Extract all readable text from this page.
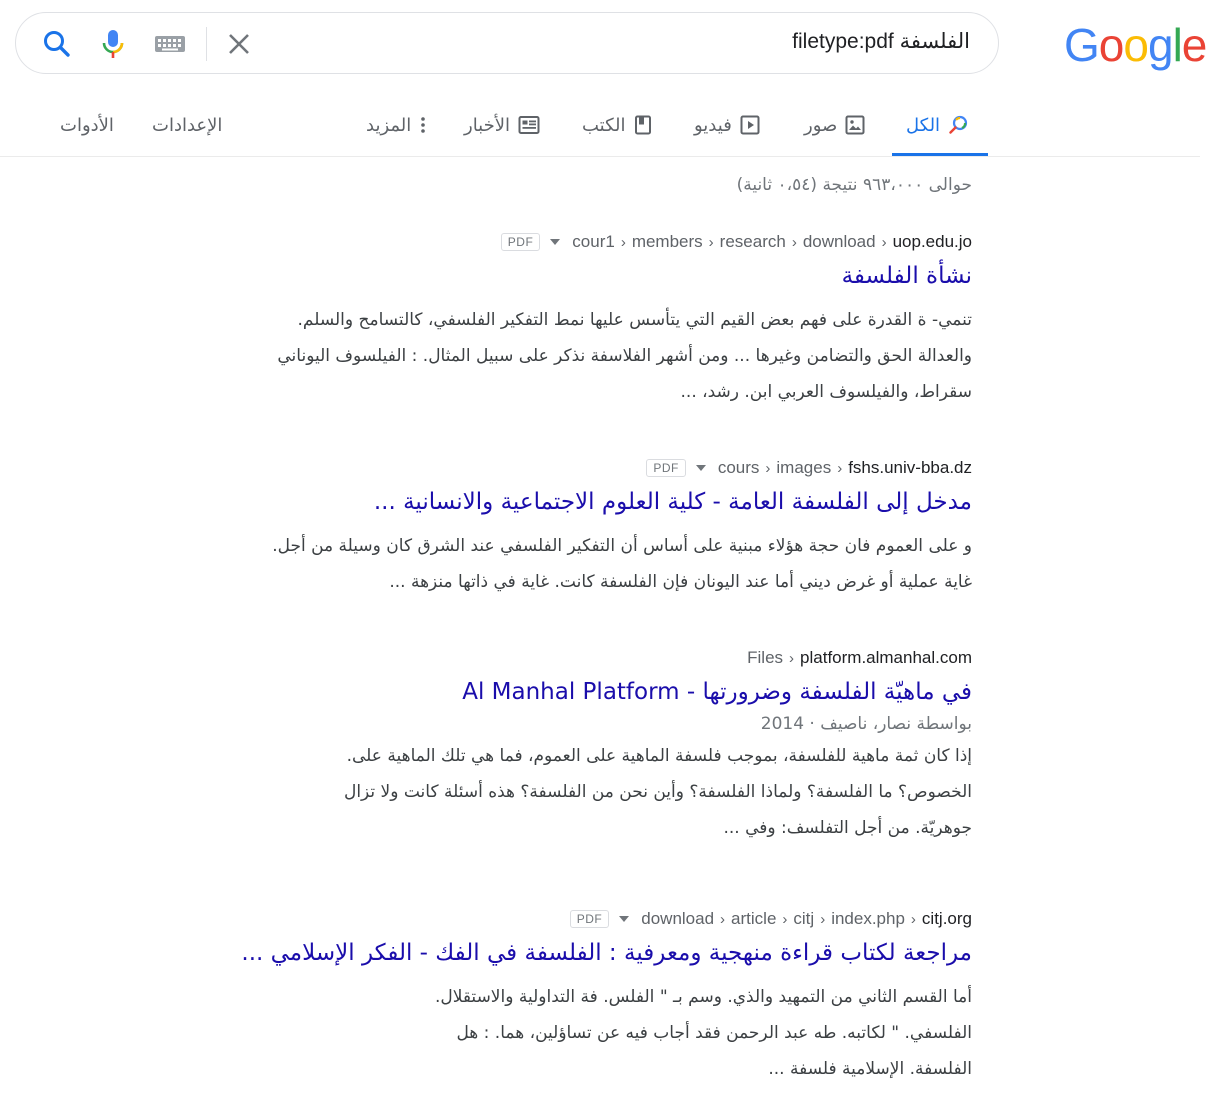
Google
filetype:pdf الفلسفة
الكل
صور
فيديو
الكتب
الأخبار
المزيد
الإعدادات
الأدوات
حوالى ٩٦٣،٠٠٠ نتيجة (٠،٥٤ ثانية)
PDF	cour1 › members › research › download › uop.edu.jo
نشأة الفلسفة
تنمي- ة القدرة على فهم بعض القيم التي يتأسس عليها نمط التفكير الفلسفي، كالتسامح والسلم.
والعدالة الحق والتضامن وغيرها ... ومن أشهر الفلاسفة نذكر على سبيل المثال. : الفيلسوف اليوناني
سقراط، والفيلسوف العربي ابن. رشد، ...
PDF	cours › images › fshs.univ-bba.dz
مدخل إلى الفلسفة العامة - كلية العلوم الاجتماعية والانسانية ...
و على العموم فان حجة هؤلاء مبنية على أساس أن التفكير الفلسفي عند الشرق كان وسيلة من أجل.
غاية عملية أو غرض ديني أما عند اليونان فإن الفلسفة كانت. غاية في ذاتها منزهة ...
Files › platform.almanhal.com
في ماهيّة الفلسفة وضرورتها - Al Manhal Platform
بواسطة نصار، ناصيف · 2014
إذا كان ثمة ماهية للفلسفة، بموجب فلسفة الماهية على العموم، فما هي تلك الماهية على.
الخصوص؟ ما الفلسفة؟ ولماذا الفلسفة؟ وأين نحن من الفلسفة؟ هذه أسئلة كانت ولا تزال
جوهريّة. من أجل التفلسف: وفي ...
PDF	download › article › citj › index.php › citj.org
مراجعة لكتاب قراءة منهجية ومعرفية : الفلسفة في الفك - الفكر الإسلامي ...
أما القسم الثاني من التمهيد والذي. وسم بـ " الفلس. فة التداولية والاستقلال.
الفلسفي. " لكاتبه. طه عبد الرحمن فقد أجاب فيه عن تساؤلين، هما. : هل
الفلسفة. الإسلامية فلسفة ...
